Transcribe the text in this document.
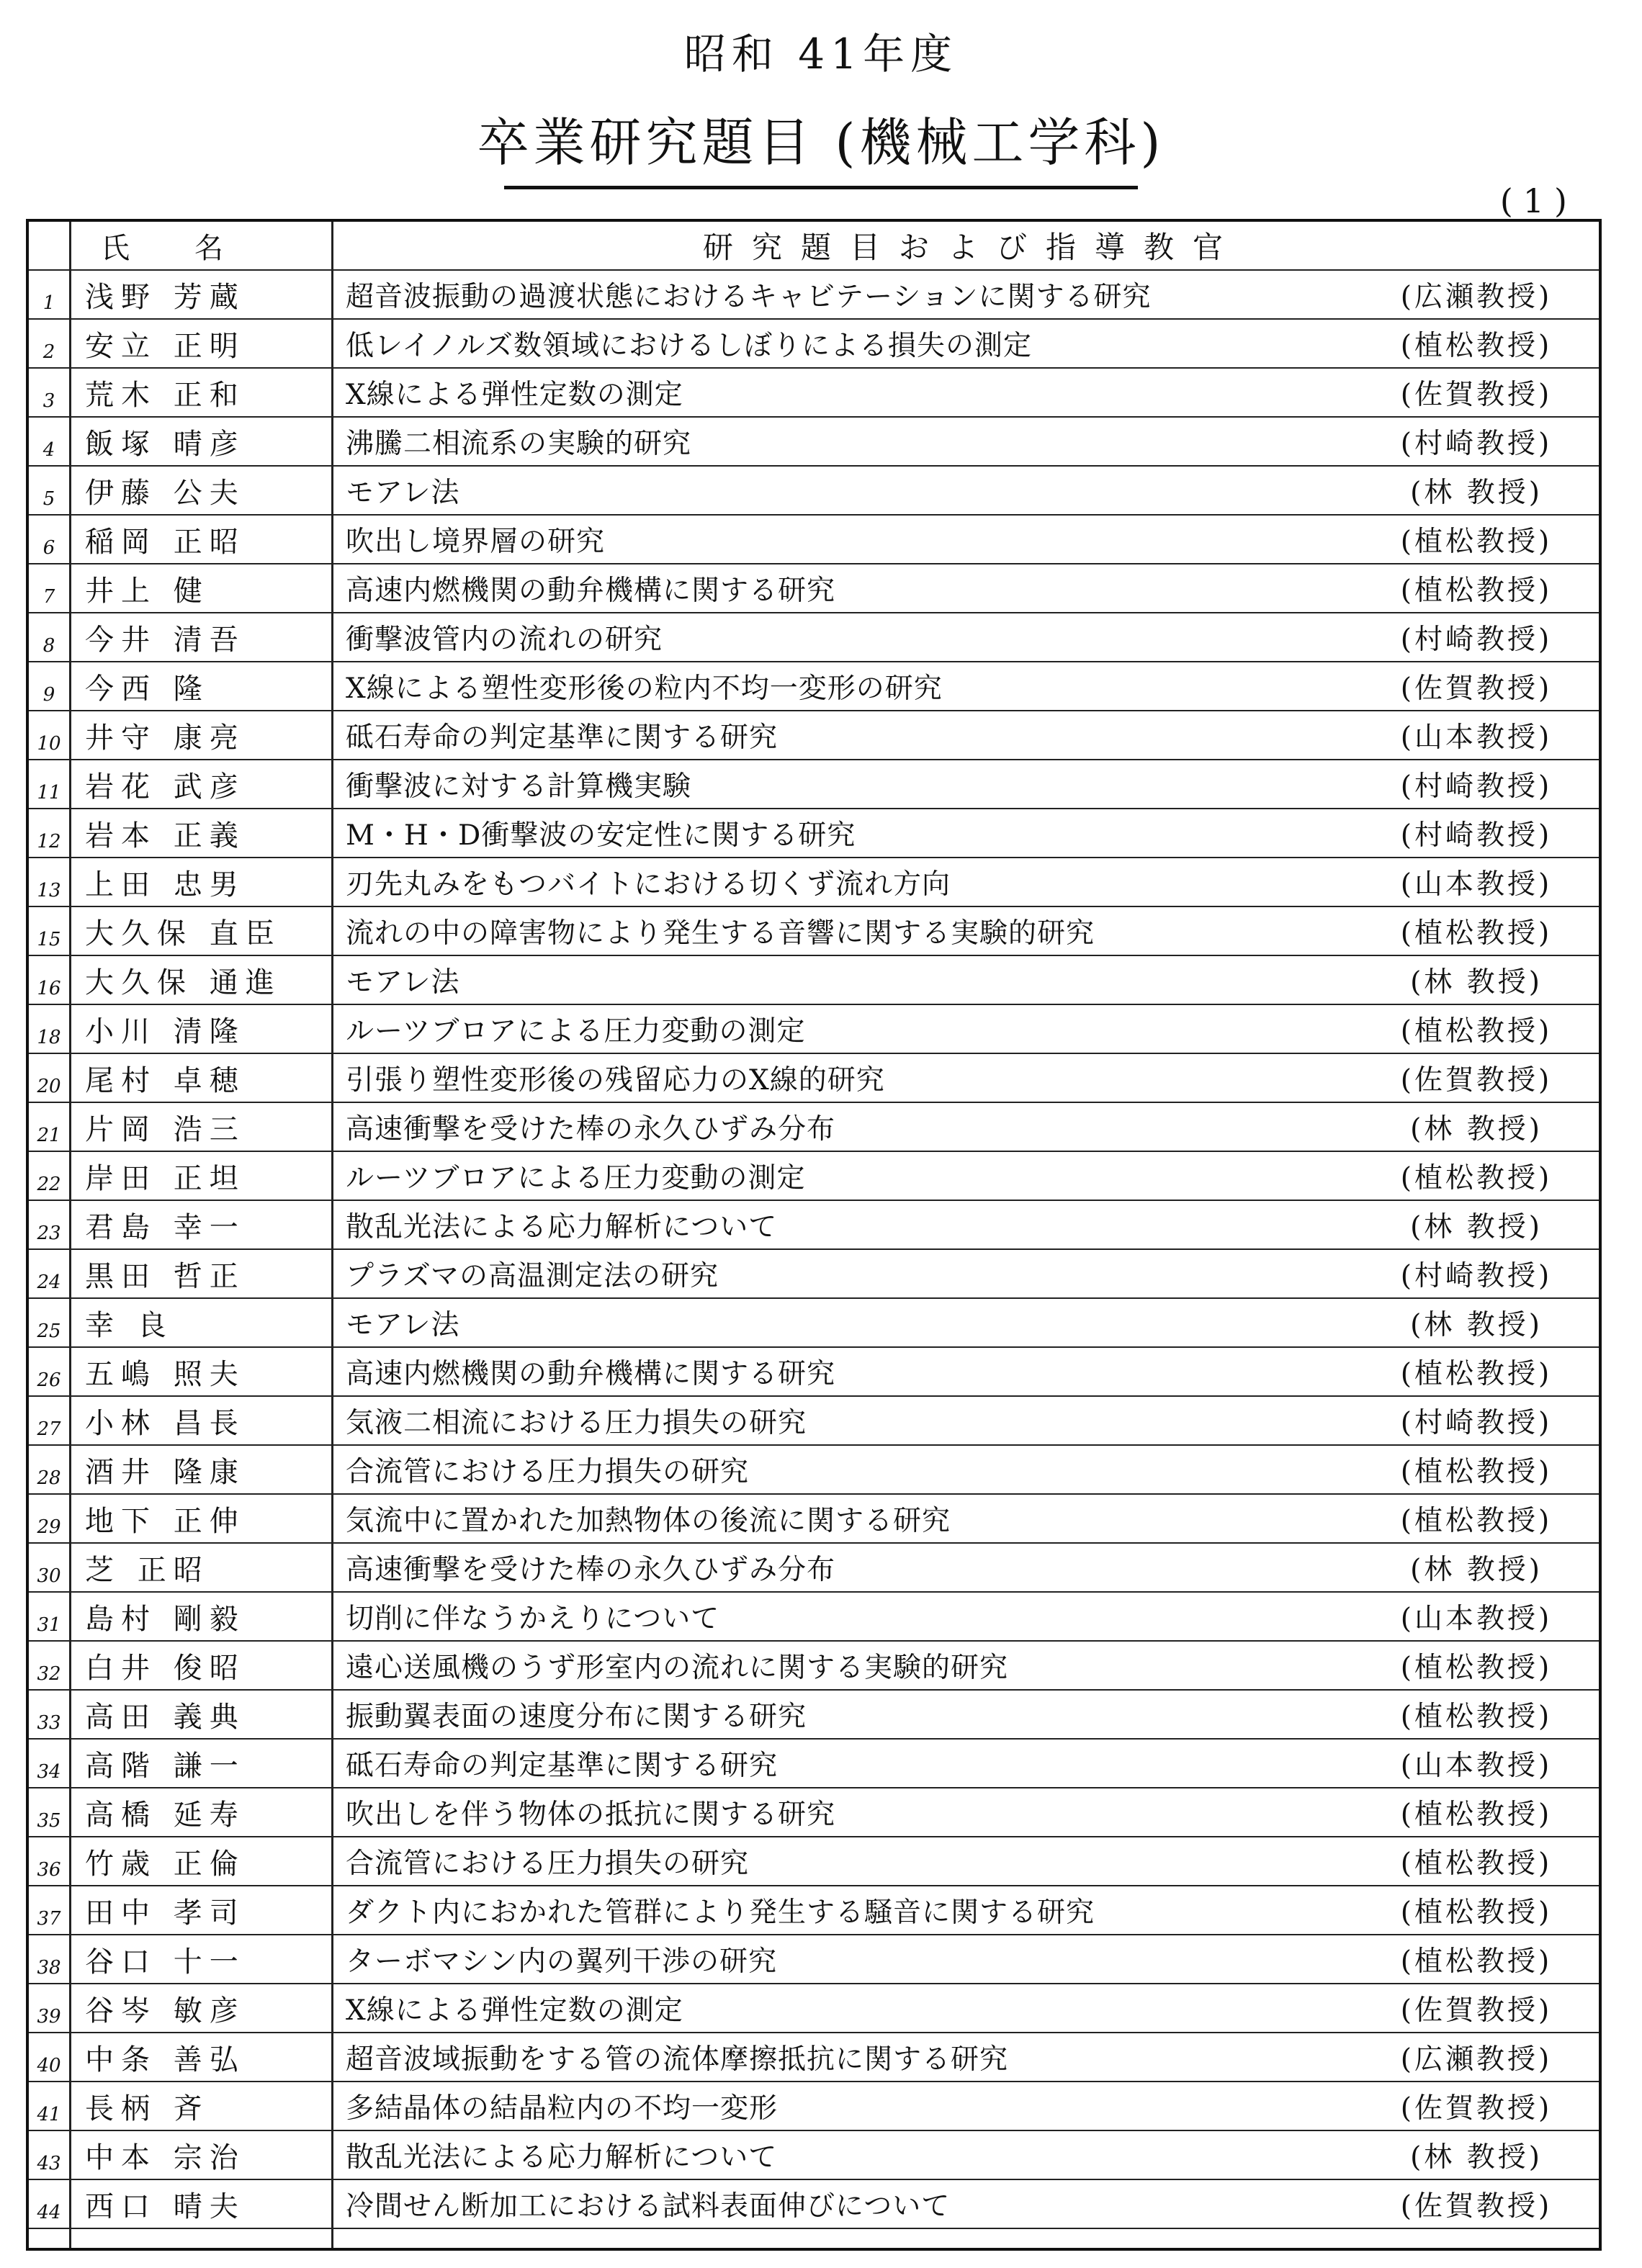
昭和 41年度
卒業研究題目 (機械工学科)
(1)
氏名	研究題目および指導教官
1	浅野 芳蔵	超音波振動の過渡状態におけるキャビテーションに関する研究	(広瀬教授)
2	安立 正明	低レイノルズ数領域におけるしぼりによる損失の測定	(植松教授)
3	荒木 正和	X線による弾性定数の測定	(佐賀教授)
4	飯塚 晴彦	沸騰二相流系の実験的研究	(村崎教授)
5	伊藤 公夫	モアレ法	(林 教授)
6	稲岡 正昭	吹出し境界層の研究	(植松教授)
7	井上 健	高速内燃機関の動弁機構に関する研究	(植松教授)
8	今井 清吾	衝撃波管内の流れの研究	(村崎教授)
9	今西 隆	X線による塑性変形後の粒内不均一変形の研究	(佐賀教授)
10 井守 康亮	砥石寿命の判定基準に関する研究	(山本教授)
11 岩花 武彦	衝撃波に対する計算機実験	(村崎教授)
12 岩本 正義	M・H・D衝撃波の安定性に関する研究	(村崎教授)
13 上田 忠男	刃先丸みをもつバイトにおける切くず流れ方向	(山本教授)
15 大久保 直臣	流れの中の障害物により発生する音響に関する実験的研究	(植松教授)
16 大久保 通進	モアレ法	(林 教授)
18 小川 清隆	ルーツブロアによる圧力変動の測定	(植松教授)
20 尾村 卓穂	引張り塑性変形後の残留応力のX線的研究	(佐賀教授)
21 片岡 浩三	高速衝撃を受けた棒の永久ひずみ分布	(林 教授)
22 岸田 正坦	ルーツブロアによる圧力変動の測定	(植松教授)
23 君島 幸一	散乱光法による応力解析について	(林 教授)
24 黒田 哲正	プラズマの高温測定法の研究	(村崎教授)
25 幸 良	モアレ法	(林 教授)
26 五嶋 照夫	高速内燃機関の動弁機構に関する研究	(植松教授)
27 小林 昌長	気液二相流における圧力損失の研究	(村崎教授)
28 酒井 隆康	合流管における圧力損失の研究	(植松教授)
29 地下 正伸	気流中に置かれた加熱物体の後流に関する研究	(植松教授)
30 芝 正昭	高速衝撃を受けた棒の永久ひずみ分布	(林 教授)
31 島村 剛毅	切削に伴なうかえりについて	(山本教授)
32 白井 俊昭	遠心送風機のうず形室内の流れに関する実験的研究	(植松教授)
33 高田 義典	振動翼表面の速度分布に関する研究	(植松教授)
34 高階 謙一	砥石寿命の判定基準に関する研究	(山本教授)
35 高橋 延寿	吹出しを伴う物体の抵抗に関する研究	(植松教授)
36 竹歳 正倫	合流管における圧力損失の研究	(植松教授)
37 田中 孝司	ダクト内におかれた管群により発生する騒音に関する研究	(植松教授)
38 谷口 十一	ターボマシン内の翼列干渉の研究	(植松教授)
39 谷岑 敏彦	X線による弾性定数の測定	(佐賀教授)
40 中条 善弘	超音波域振動をする管の流体摩擦抵抗に関する研究	(広瀬教授)
41 長柄 斉	多結晶体の結晶粒内の不均一変形	(佐賀教授)
43 中本 宗治	散乱光法による応力解析について	(林 教授)
44 西口 晴夫	冷間せん断加工における試料表面伸びについて	(佐賀教授)
